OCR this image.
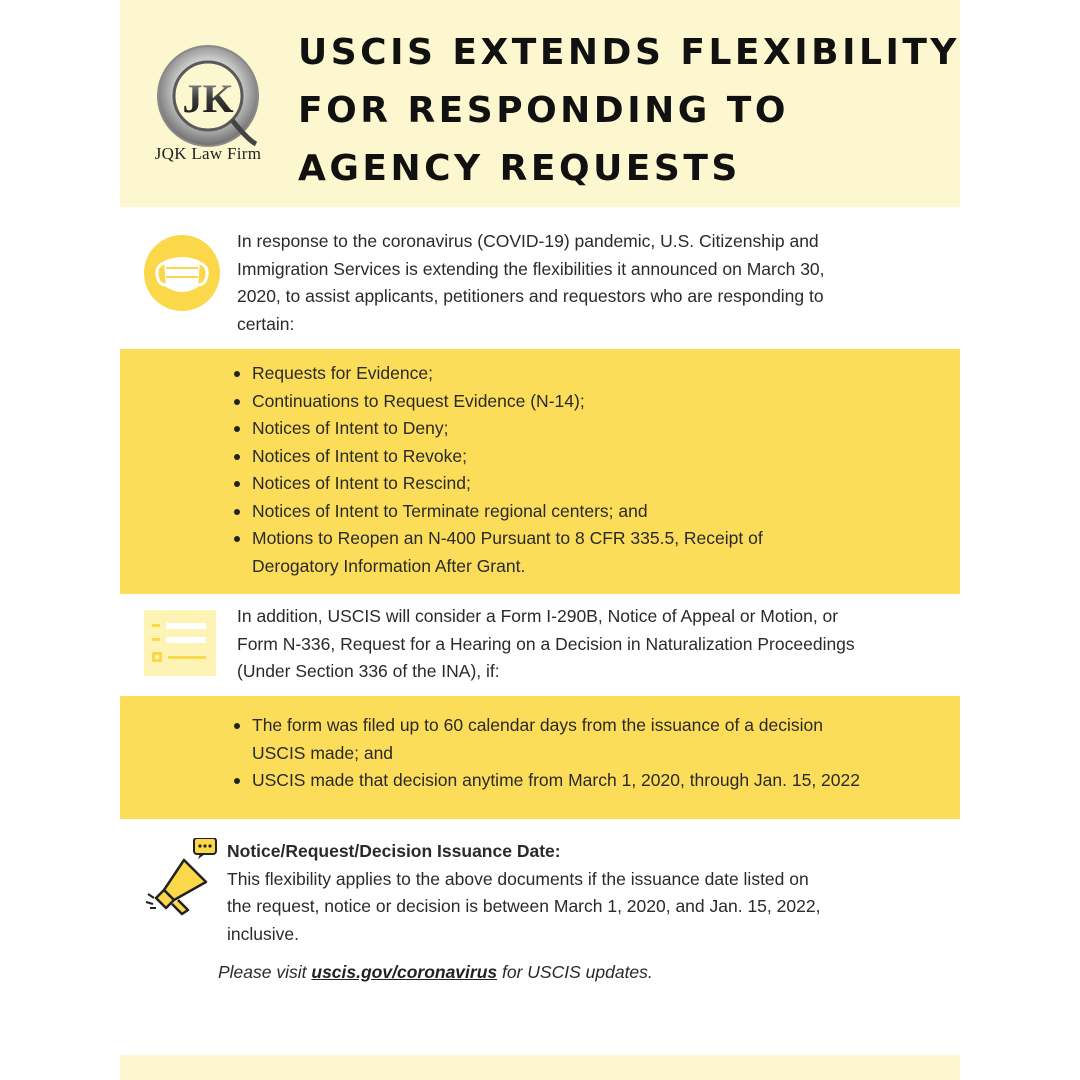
JK
JQK Law Firm
USCIS EXTENDS FLEXIBILITY
FOR RESPONDING TO
AGENCY REQUESTS
In response to the coronavirus (COVID-19) pandemic, U.S. Citizenship and
Immigration Services is extending the flexibilities it announced on March 30,
2020, to assist applicants, petitioners and requestors who are responding to
certain:
Requests for Evidence;
Continuations to Request Evidence (N-14);
Notices of Intent to Deny;
Notices of Intent to Revoke;
Notices of Intent to Rescind;
Notices of Intent to Terminate regional centers; and
Motions to Reopen an N-400 Pursuant to 8 CFR 335.5, Receipt of
Derogatory Information After Grant.
In addition, USCIS will consider a Form I-290B, Notice of Appeal or Motion, or
Form N-336, Request for a Hearing on a Decision in Naturalization Proceedings
(Under Section 336 of the INA), if:
The form was filed up to 60 calendar days from the issuance of a decision
USCIS made; and
USCIS made that decision anytime from March 1, 2020, through Jan. 15, 2022
Notice/Request/Decision Issuance Date:
This flexibility applies to the above documents if the issuance date listed on
the request, notice or decision is between March 1, 2020, and Jan. 15, 2022,
inclusive.
Please visit uscis.gov/coronavirus for USCIS updates.
